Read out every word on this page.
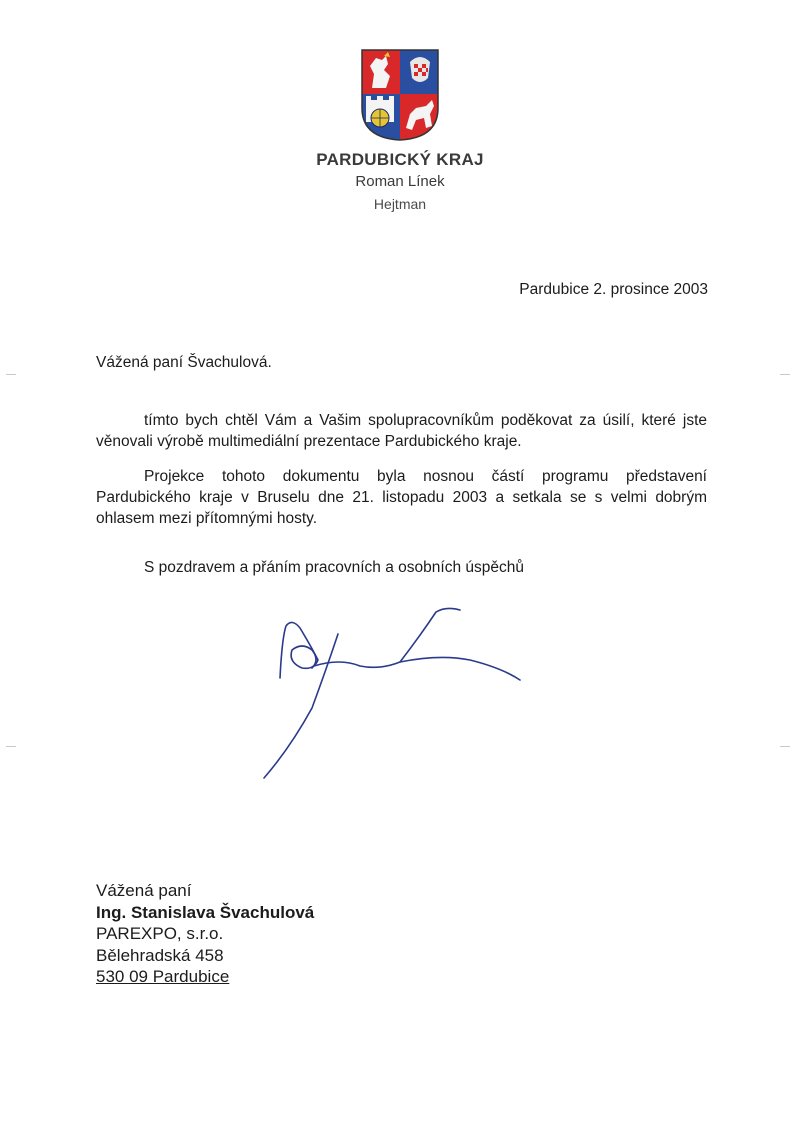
PARDUBICKÝ KRAJ
Roman Línek
Hejtman
Pardubice 2. prosince 2003
Vážená paní Švachulová.
tímto bych chtěl Vám a Vašim spolupracovníkům poděkovat za úsilí, které jste věnovali výrobě multimediální prezentace Pardubického kraje.
Projekce tohoto dokumentu byla nosnou částí programu představení Pardubického kraje v Bruselu dne 21. listopadu 2003 a setkala se s velmi dobrým ohlasem mezi přítomnými hosty.
S pozdravem a přáním pracovních a osobních úspěchů
Vážená paní
Ing. Stanislava Švachulová
PAREXPO, s.r.o.
Bělehradská 458
530 09 Pardubice
